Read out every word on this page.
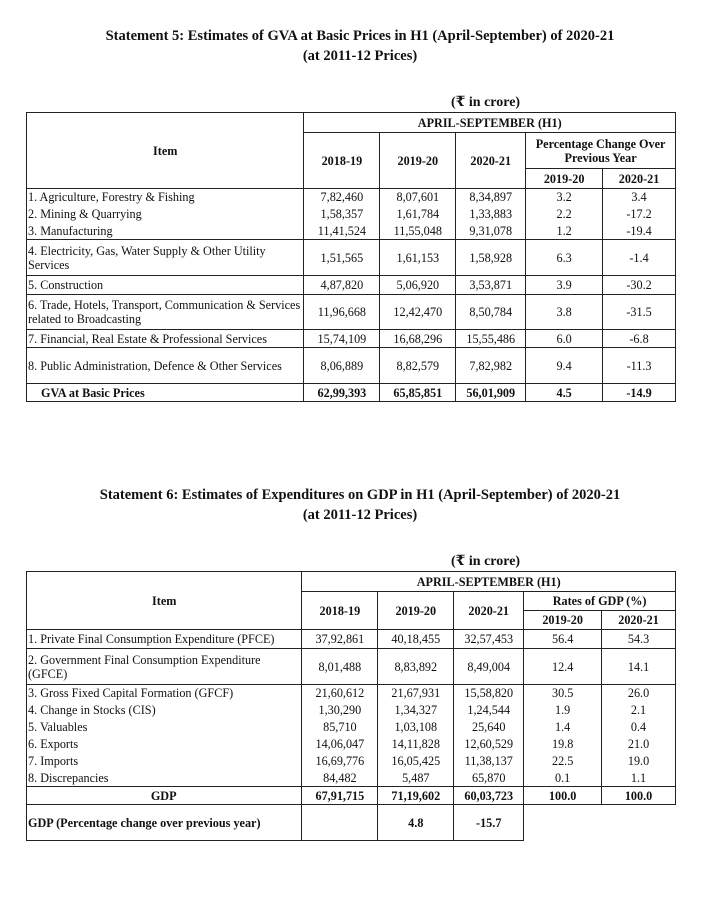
Statement 5: Estimates of GVA at Basic Prices in H1 (April-September) of 2020-21
(at 2011-12 Prices)
(₹ in crore)
Item	APRIL-SEPTEMBER (H1)				
	2018-19	2019-20	2020-21	Percentage Change Over Previous Year	
				2019-20	2020-21
1. Agriculture, Forestry & Fishing	7,82,460	8,07,601	8,34,897	3.2	3.4
2. Mining & Quarrying	1,58,357	1,61,784	1,33,883	2.2	-17.2
3. Manufacturing	11,41,524	11,55,048	9,31,078	1.2	-19.4
4. Electricity, Gas, Water Supply & Other Utility Services	1,51,565	1,61,153	1,58,928	6.3	-1.4
5. Construction	4,87,820	5,06,920	3,53,871	3.9	-30.2
6. Trade, Hotels, Transport, Communication & Services related to Broadcasting	11,96,668	12,42,470	8,50,784	3.8	-31.5
7. Financial, Real Estate & Professional Services	15,74,109	16,68,296	15,55,486	6.0	-6.8
8. Public Administration, Defence & Other Services	8,06,889	8,82,579	7,82,982	9.4	-11.3
GVA at Basic Prices	62,99,393	65,85,851	56,01,909	4.5	-14.9
Statement 6: Estimates of Expenditures on GDP in H1 (April-September) of 2020-21
(at 2011-12 Prices)
(₹ in crore)
Item	APRIL-SEPTEMBER (H1)				
	2018-19	2019-20	2020-21	Rates of GDP (%)	
				2019-20	2020-21
1. Private Final Consumption Expenditure (PFCE)	37,92,861	40,18,455	32,57,453	56.4	54.3
2. Government Final Consumption Expenditure (GFCE)	8,01,488	8,83,892	8,49,004	12.4	14.1
3. Gross Fixed Capital Formation (GFCF)	21,60,612	21,67,931	15,58,820	30.5	26.0
4. Change in Stocks (CIS)	1,30,290	1,34,327	1,24,544	1.9	2.1
5. Valuables	85,710	1,03,108	25,640	1.4	0.4
6. Exports	14,06,047	14,11,828	12,60,529	19.8	21.0
7. Imports	16,69,776	16,05,425	11,38,137	22.5	19.0
8. Discrepancies	84,482	5,487	65,870	0.1	1.1
GDP	67,91,715	71,19,602	60,03,723	100.0	100.0
GDP (Percentage change over previous year)		4.8	-15.7		
